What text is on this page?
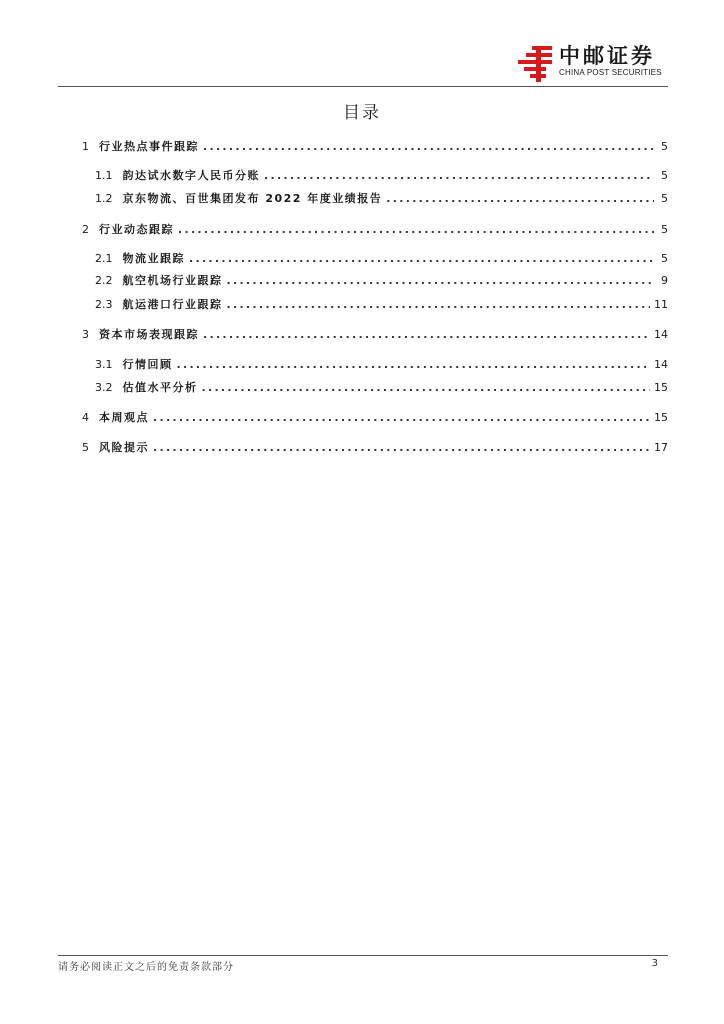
中邮证券
CHINA POST SECURITIES
目录
1 行业热点事件跟踪 .....	5
1.1 韵达试水数字人民币分账 .....	5
1.2 京东物流、百世集团发布 2022 年度业绩报告 .....	5
2 行业动态跟踪 .....	5
2.1 物流业跟踪 .....	5
2.2 航空机场行业跟踪 .....	9
2.3 航运港口行业跟踪 .....	11
3 资本市场表现跟踪 .....	14
3.1 行情回顾 .....	14
3.2 估值水平分析 .....	15
4 本周观点 .....	15
5 风险提示 .....	17
请务必阅读正文之后的免责条款部分	3
